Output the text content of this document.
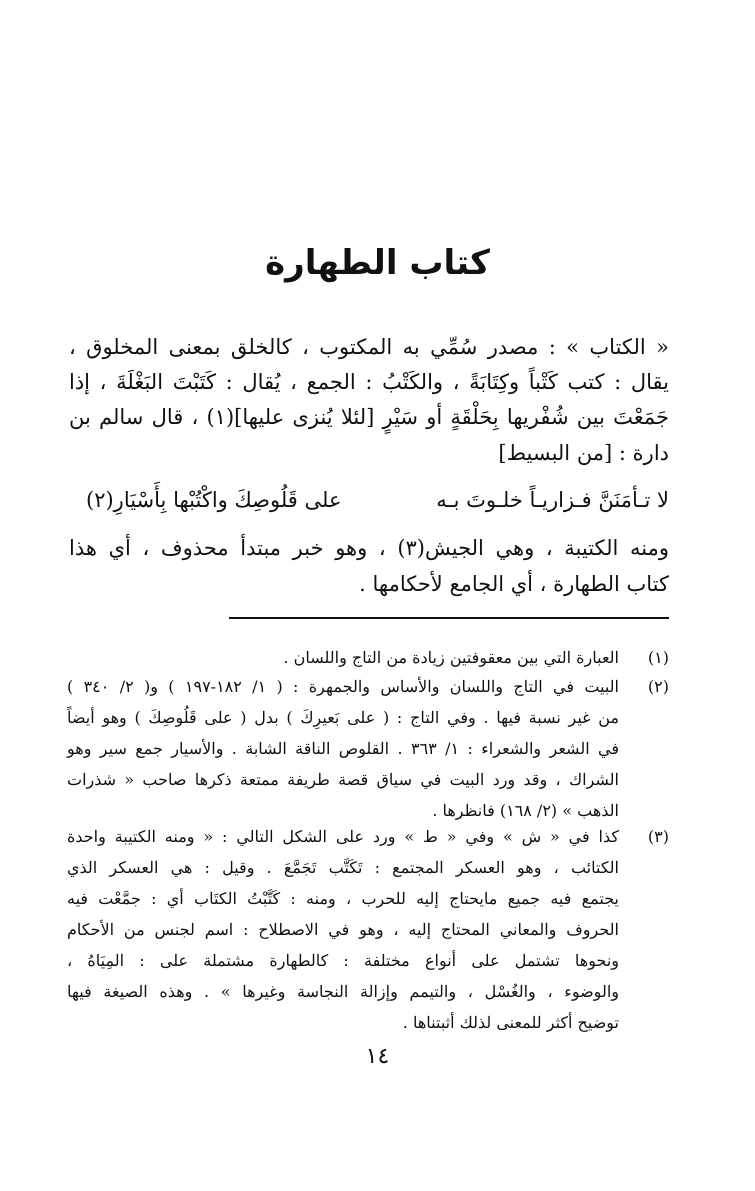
كتاب الطهارة
« الكتاب » : مصدر سُمِّي به المكتوب ، كالخلق بمعنى المخلوق ،
يقال : كتب كَتْباً وكِتَابَةً ، والكَتْبُ : الجمع ، يُقال : كَتَبْتَ البَغْلَةَ ، إذا
جَمَعْتَ بين شُفْريها بِحَلْقَةٍ أو سَيْرٍ [لئلا يُنزى عليها](١) ، قال سالم بن
دارة : [من البسيط]
لا تـأمَنَنَّ فـزاريـاً خلـوتَ بـه
على قَلُوصِكَ واكْتُبْها بِأَسْيَارِ(٢)
ومنه الكتيبة ، وهي الجيش(٣) ، وهو خبر مبتدأ محذوف ، أي هذا
كتاب الطهارة ، أي الجامع لأحكامها .
(١)
العبارة التي بين معقوفتين زيادة من التاج واللسان .
(٢)
البيت في التاج واللسان والأساس والجمهرة : ( ١/ ١٨٢-١٩٧ ) و( ٢/ ٣٤٠ )
من غير نسبة فيها . وفي التاج : ( على بَعيرِكَ ) بدل ( على قَلُوصِكَ ) وهو أيضاً
في الشعر والشعراء : ١/ ٣٦٣ . القلوص الناقة الشابة . والأسيار جمع سير وهو
الشراك ، وقد ورد البيت في سياق قصة طريفة ممتعة ذكرها صاحب « شذرات
الذهب » (٢/ ١٦٨) فانظرها .
(٣)
كذا في « ش » وفي « ط » ورد على الشكل التالي : « ومنه الكتيبة واحدة
الكتائب ، وهو العسكر المجتمع : تَكَتَّب تَجَمَّعَ . وقيل : هي العسكر الذي
يجتمع فيه جميع مايحتاج إليه للحرب ، ومنه : كَتَّبْتُ الكتَاب أي : جمَّعْت فيه
الحروف والمعاني المحتاج إليه ، وهو في الاصطلاح : اسم لجنس من الأحكام
ونحوها تشتمل على أنواع مختلفة : كالطهارة مشتملة على : المِيَاهُ ،
والوضوء ، والغُسْل ، والتيمم وإزالة النجاسة وغيرها » . وهذه الصيغة فيها
توضيح أكثر للمعنى لذلك أثبتناها .
١٤
